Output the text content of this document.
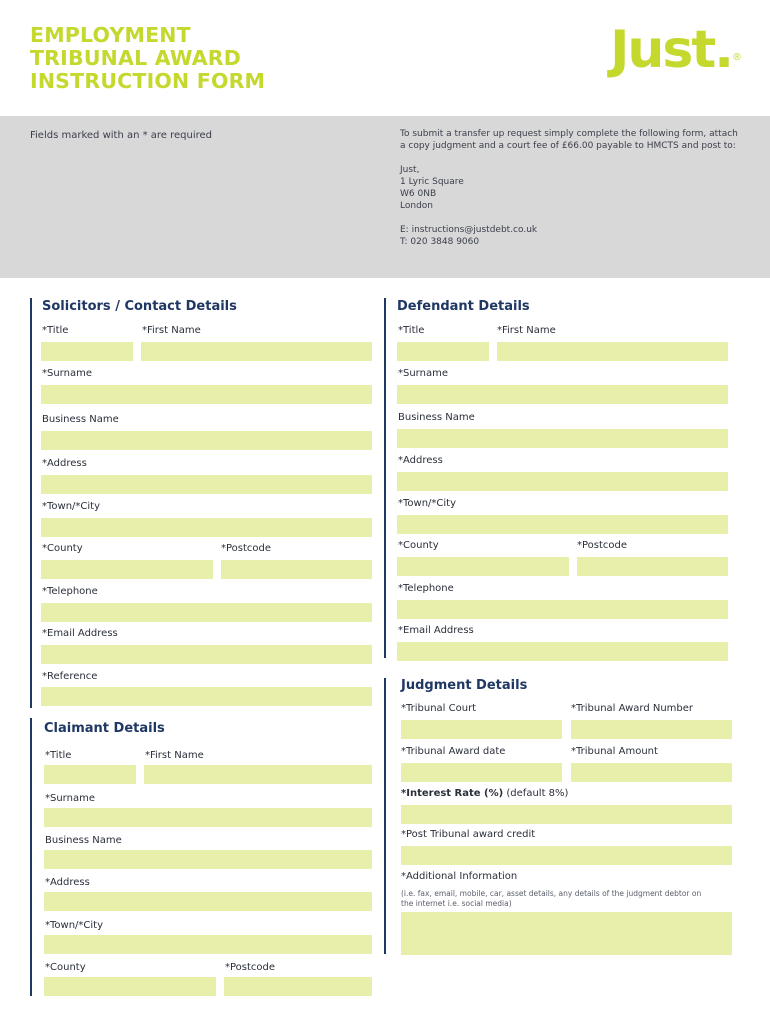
EMPLOYMENT
TRIBUNAL AWARD
INSTRUCTION FORM
Just.®
Fields marked with an * are required	To submit a transfer up request simply complete the following form, attach a copy judgment and a court fee of £66.00 payable to HMCTS and post to:

Just,

1 Lyric Square

W6 0NB

London

E: instructions@justdebt.co.uk

T: 020 3848 9060

Solicitors / Contact Details
*Title	*First Name
*Surname
Business Name
*Address
*Town/*City
*County	*Postcode
*Telephone
*Email Address
*Reference
Claimant Details
*Title	*First Name
*Surname
Business Name
*Address
*Town/*City
*County	*Postcode
Defendant Details
*Title	*First Name
*Surname
Business Name
*Address
*Town/*City
*County	*Postcode
*Telephone
*Email Address
Judgment Details
*Tribunal Court	*Tribunal Award Number
*Tribunal Award date	*Tribunal Amount
*Interest Rate (%) (default 8%)
*Post Tribunal award credit
*Additional Information
(i.e. fax, email, mobile, car, asset details, any details of the judgment debtor on the internet i.e. social media)
